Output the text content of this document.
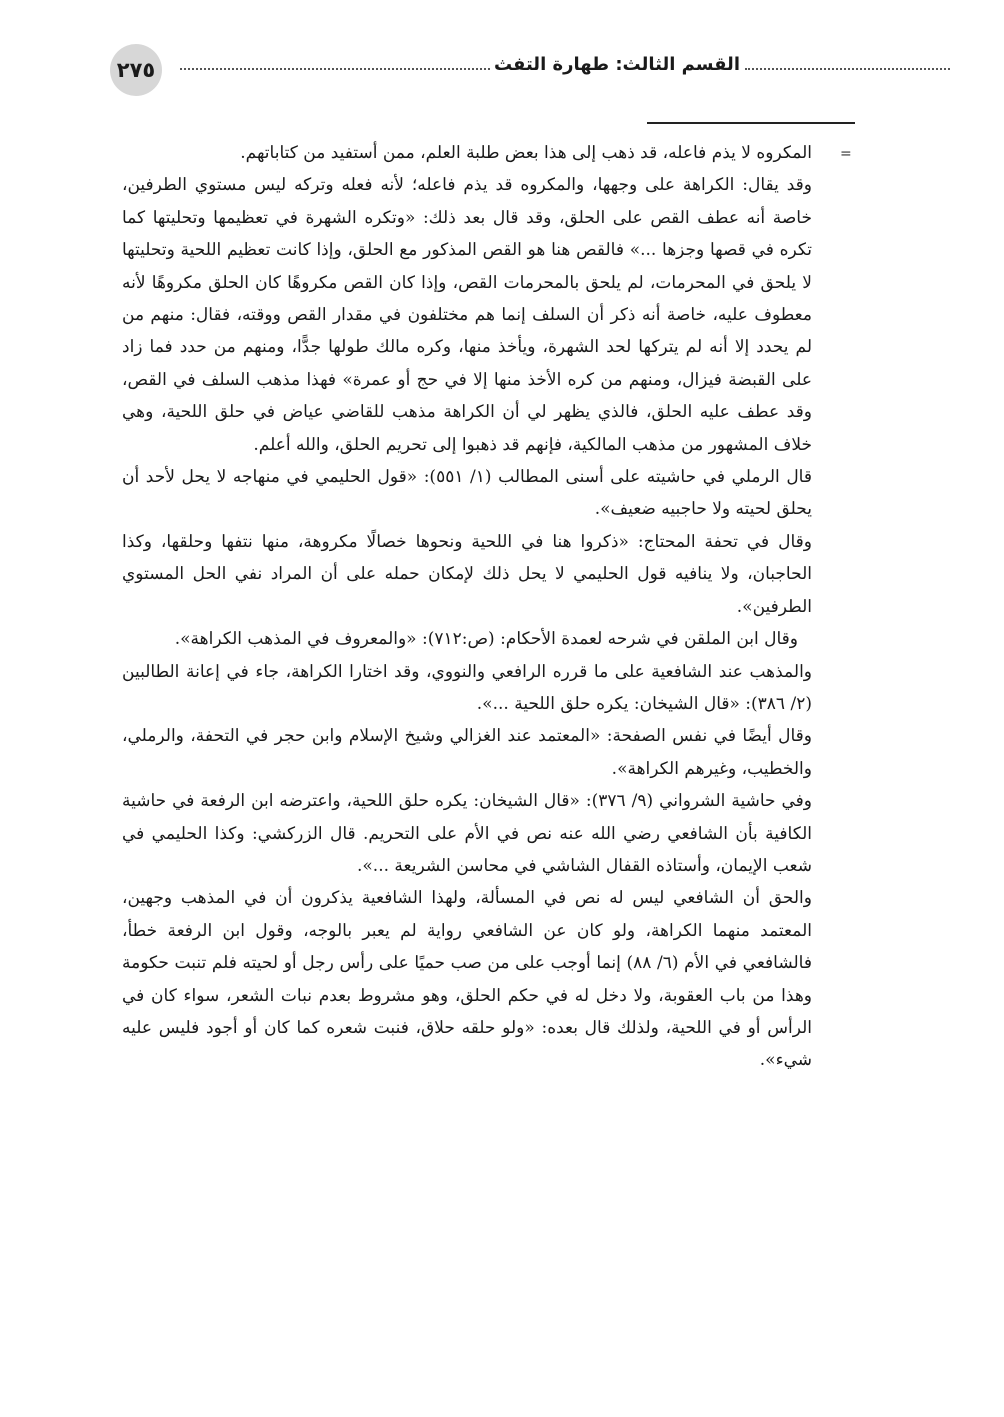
٢٧٥	القسم الثالث: طهارة التفث
=

المكروه لا يذم فاعله، قد ذهب إلى هذا بعض طلبة العلم، ممن أستفيد من كتاباتهم.

وقد يقال: الكراهة على وجهها، والمكروه قد يذم فاعله؛ لأنه فعله وتركه ليس مستوي الطرفين، خاصة أنه عطف القص على الحلق، وقد قال بعد ذلك: «وتكره الشهرة في تعظيمها وتحليتها كما تكره في قصها وجزها ...» فالقص هنا هو القص المذكور مع الحلق، وإذا كانت تعظيم اللحية وتحليتها لا يلحق في المحرمات، لم يلحق بالمحرمات القص، وإذا كان القص مكروهًا كان الحلق مكروهًا لأنه معطوف عليه، خاصة أنه ذكر أن السلف إنما هم مختلفون في مقدار القص ووقته، فقال: منهم من لم يحدد إلا أنه لم يتركها لحد الشهرة، ويأخذ منها، وكره مالك طولها جدًّا، ومنهم من حدد فما زاد على القبضة فيزال، ومنهم من كره الأخذ منها إلا في حج أو عمرة» فهذا مذهب السلف في القص، وقد عطف عليه الحلق، فالذي يظهر لي أن الكراهة مذهب للقاضي عياض في حلق اللحية، وهي خلاف المشهور من مذهب المالكية، فإنهم قد ذهبوا إلى تحريم الحلق، والله أعلم.

قال الرملي في حاشيته على أسنى المطالب (١/ ٥٥١): «قول الحليمي في منهاجه لا يحل لأحد أن يحلق لحيته ولا حاجبيه ضعيف».

وقال في تحفة المحتاج: «ذكروا هنا في اللحية ونحوها خصالًا مكروهة، منها نتفها وحلقها، وكذا الحاجبان، ولا ينافيه قول الحليمي لا يحل ذلك لإمكان حمله على أن المراد نفي الحل المستوي الطرفين».

وقال ابن الملقن في شرحه لعمدة الأحكام: (ص:٧١٢): «والمعروف في المذهب الكراهة».

والمذهب عند الشافعية على ما قرره الرافعي والنووي، وقد اختارا الكراهة، جاء في إعانة الطالبين (٢/ ٣٨٦): «قال الشيخان: يكره حلق اللحية ...».

وقال أيضًا في نفس الصفحة: «المعتمد عند الغزالي وشيخ الإسلام وابن حجر في التحفة، والرملي، والخطيب، وغيرهم الكراهة».

وفي حاشية الشرواني (٩/ ٣٧٦): «قال الشيخان: يكره حلق اللحية، واعترضه ابن الرفعة في حاشية الكافية بأن الشافعي رضي الله عنه نص في الأم على التحريم. قال الزركشي: وكذا الحليمي في شعب الإيمان، وأستاذه القفال الشاشي في محاسن الشريعة ...».

والحق أن الشافعي ليس له نص في المسألة، ولهذا الشافعية يذكرون أن في المذهب وجهين، المعتمد منهما الكراهة، ولو كان عن الشافعي رواية لم يعبر بالوجه، وقول ابن الرفعة خطأ، فالشافعي في الأم (٦/ ٨٨) إنما أوجب على من صب حميًا على رأس رجل أو لحيته فلم تنبت حكومة وهذا من باب العقوبة، ولا دخل له في حكم الحلق، وهو مشروط بعدم نبات الشعر، سواء كان في الرأس أو في اللحية، ولذلك قال بعده: «ولو حلقه حلاق، فنبت شعره كما كان أو أجود فليس عليه شيء».
